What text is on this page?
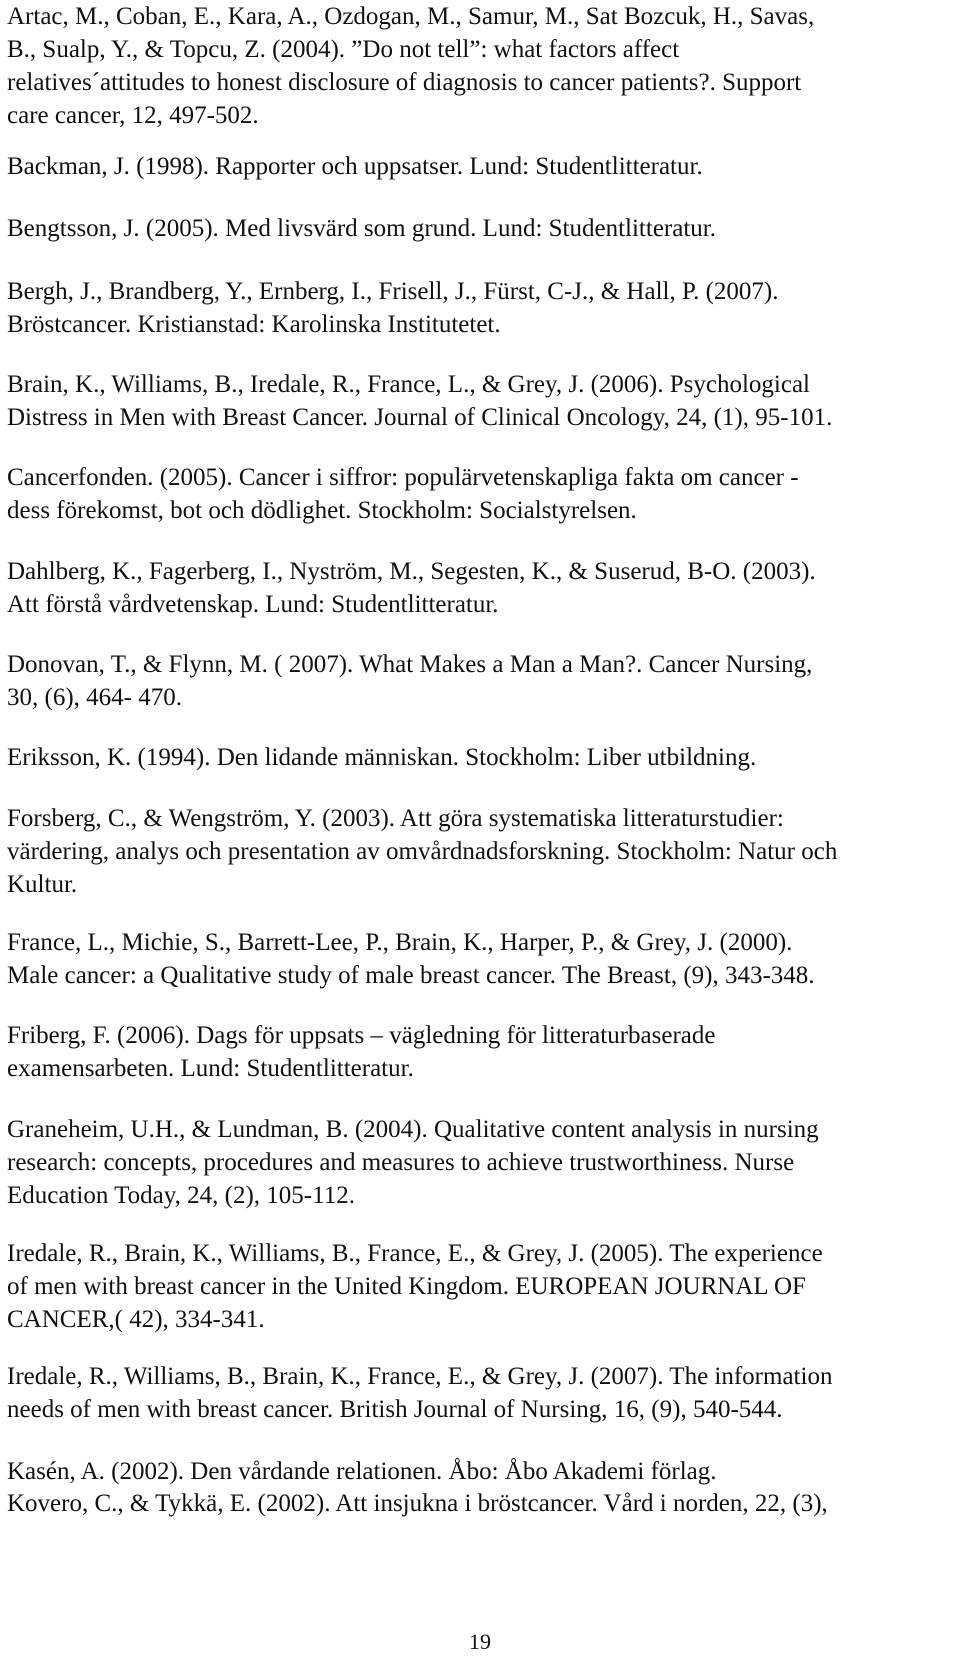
Artac, M., Coban, E., Kara, A., Ozdogan, M., Samur, M., Sat Bozcuk, H., Savas,
B., Sualp, Y., & Topcu, Z. (2004). ”Do not tell”: what factors affect
relatives´attitudes to honest disclosure of diagnosis to cancer patients?. Support
care cancer, 12, 497-502.
Backman, J. (1998). Rapporter och uppsatser. Lund: Studentlitteratur.
Bengtsson, J. (2005). Med livsvärd som grund. Lund: Studentlitteratur.
Bergh, J., Brandberg, Y., Ernberg, I., Frisell, J., Fürst, C-J., & Hall, P. (2007).
Bröstcancer. Kristianstad: Karolinska Institutetet.
Brain, K., Williams, B., Iredale, R., France, L., & Grey, J. (2006). Psychological
Distress in Men with Breast Cancer. Journal of Clinical Oncology, 24, (1), 95-101.
Cancerfonden. (2005). Cancer i siffror: populärvetenskapliga fakta om cancer -
dess förekomst, bot och dödlighet. Stockholm: Socialstyrelsen.
Dahlberg, K., Fagerberg, I., Nyström, M., Segesten, K., & Suserud, B-O. (2003).
Att förstå vårdvetenskap. Lund: Studentlitteratur.
Donovan, T., & Flynn, M. ( 2007). What Makes a Man a Man?. Cancer Nursing,
30, (6), 464- 470.
Eriksson, K. (1994). Den lidande människan. Stockholm: Liber utbildning.
Forsberg, C., & Wengström, Y. (2003). Att göra systematiska litteraturstudier:
värdering, analys och presentation av omvårdnadsforskning. Stockholm: Natur och
Kultur.
France, L., Michie, S., Barrett-Lee, P., Brain, K., Harper, P., & Grey, J. (2000).
Male cancer: a Qualitative study of male breast cancer. The Breast, (9), 343-348.
Friberg, F. (2006). Dags för uppsats – vägledning för litteraturbaserade
examensarbeten. Lund: Studentlitteratur.
Graneheim, U.H., & Lundman, B. (2004). Qualitative content analysis in nursing
research: concepts, procedures and measures to achieve trustworthiness. Nurse
Education Today, 24, (2), 105-112.
Iredale, R., Brain, K., Williams, B., France, E., & Grey, J. (2005). The experience
of men with breast cancer in the United Kingdom. EUROPEAN JOURNAL OF
CANCER,( 42), 334-341.
Iredale, R., Williams, B., Brain, K., France, E., & Grey, J. (2007). The information
needs of men with breast cancer. British Journal of Nursing, 16, (9), 540-544.
Kasén, A. (2002). Den vårdande relationen. Åbo: Åbo Akademi förlag.
Kovero, C., & Tykkä, E. (2002). Att insjukna i bröstcancer. Vård i norden, 22, (3),
19
